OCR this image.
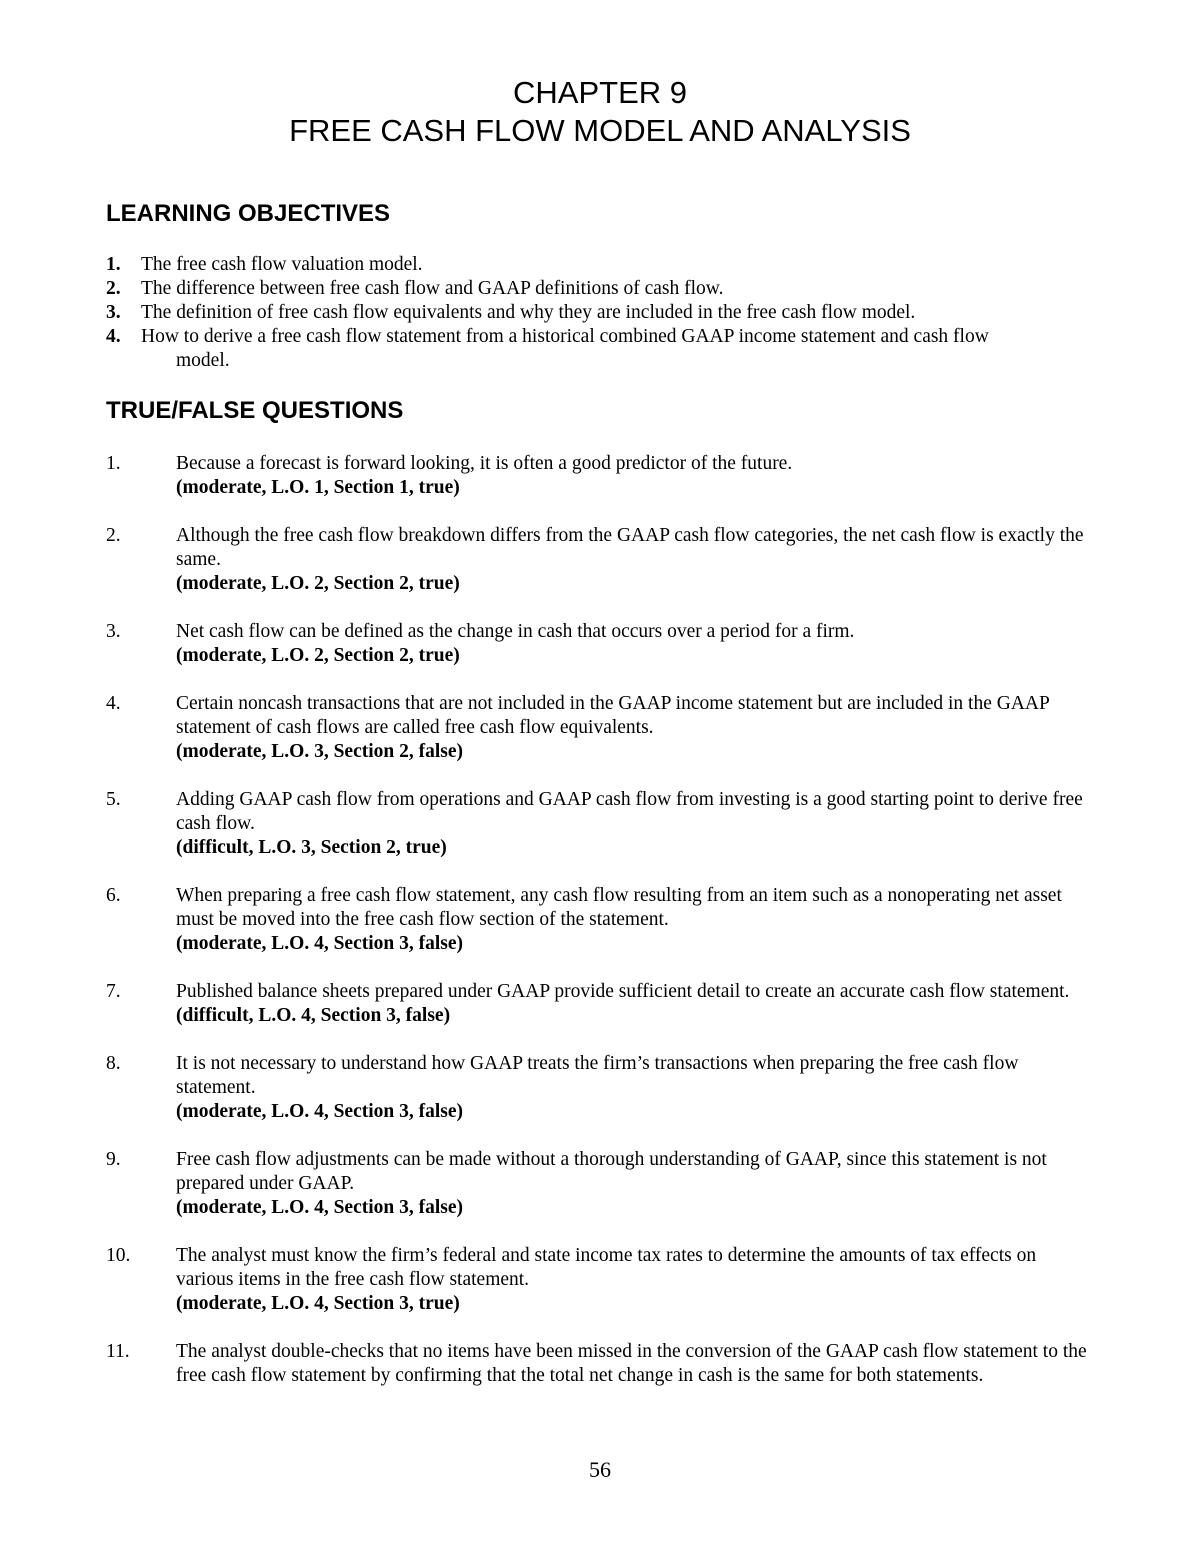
CHAPTER 9
FREE CASH FLOW MODEL AND ANALYSIS
LEARNING OBJECTIVES
1. The free cash flow valuation model.
2. The difference between free cash flow and GAAP definitions of cash flow.
3. The definition of free cash flow equivalents and why they are included in the free cash flow model.
4. How to derive a free cash flow statement from a historical combined GAAP income statement and cash flow
model.
TRUE/FALSE QUESTIONS
1.	Because a forecast is forward looking, it is often a good predictor of the future.
(moderate, L.O. 1, Section 1, true)
2.	Although the free cash flow breakdown differs from the GAAP cash flow categories, the net cash flow is exactly the same.
(moderate, L.O. 2, Section 2, true)
3.	Net cash flow can be defined as the change in cash that occurs over a period for a firm.
(moderate, L.O. 2, Section 2, true)
4.	Certain noncash transactions that are not included in the GAAP income statement but are included in the GAAP statement of cash flows are called free cash flow equivalents.
(moderate, L.O. 3, Section 2, false)
5.	Adding GAAP cash flow from operations and GAAP cash flow from investing is a good starting point to derive free cash flow.
(difficult, L.O. 3, Section 2, true)
6.	When preparing a free cash flow statement, any cash flow resulting from an item such as a nonoperating net asset must be moved into the free cash flow section of the statement.
(moderate, L.O. 4, Section 3, false)
7.	Published balance sheets prepared under GAAP provide sufficient detail to create an accurate cash flow statement.
(difficult, L.O. 4, Section 3, false)
8.	It is not necessary to understand how GAAP treats the firm’s transactions when preparing the free cash flow statement.
(moderate, L.O. 4, Section 3, false)
9.	Free cash flow adjustments can be made without a thorough understanding of GAAP, since this statement is not prepared under GAAP.
(moderate, L.O. 4, Section 3, false)
10. The analyst must know the firm’s federal and state income tax rates to determine the amounts of tax effects on various items in the free cash flow statement.
(moderate, L.O. 4, Section 3, true)
11. The analyst double-checks that no items have been missed in the conversion of the GAAP cash flow statement to the free cash flow statement by confirming that the total net change in cash is the same for both statements.
56
